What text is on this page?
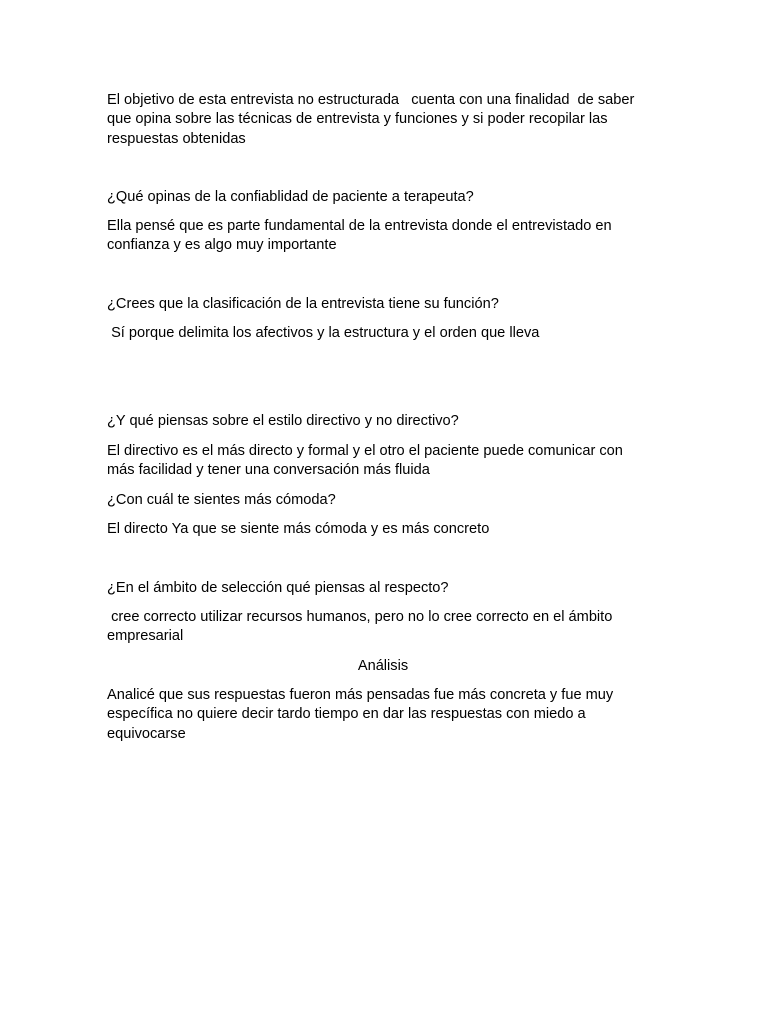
El objetivo de esta entrevista no estructurada   cuenta con una finalidad  de saber
que opina sobre las técnicas de entrevista y funciones y si poder recopilar las
respuestas obtenidas

¿Qué opinas de la confiablidad de paciente a terapeuta?

Ella pensé que es parte fundamental de la entrevista donde el entrevistado en
confianza y es algo muy importante

¿Crees que la clasificación de la entrevista tiene su función?

Sí porque delimita los afectivos y la estructura y el orden que lleva

¿Y qué piensas sobre el estilo directivo y no directivo?

El directivo es el más directo y formal y el otro el paciente puede comunicar con
más facilidad y tener una conversación más fluida

¿Con cuál te sientes más cómoda?

El directo Ya que se siente más cómoda y es más concreto

¿En el ámbito de selección qué piensas al respecto?

cree correcto utilizar recursos humanos, pero no lo cree correcto en el ámbito
empresarial

Análisis

Analicé que sus respuestas fueron más pensadas fue más concreta y fue muy
específica no quiere decir tardo tiempo en dar las respuestas con miedo a
equivocarse
